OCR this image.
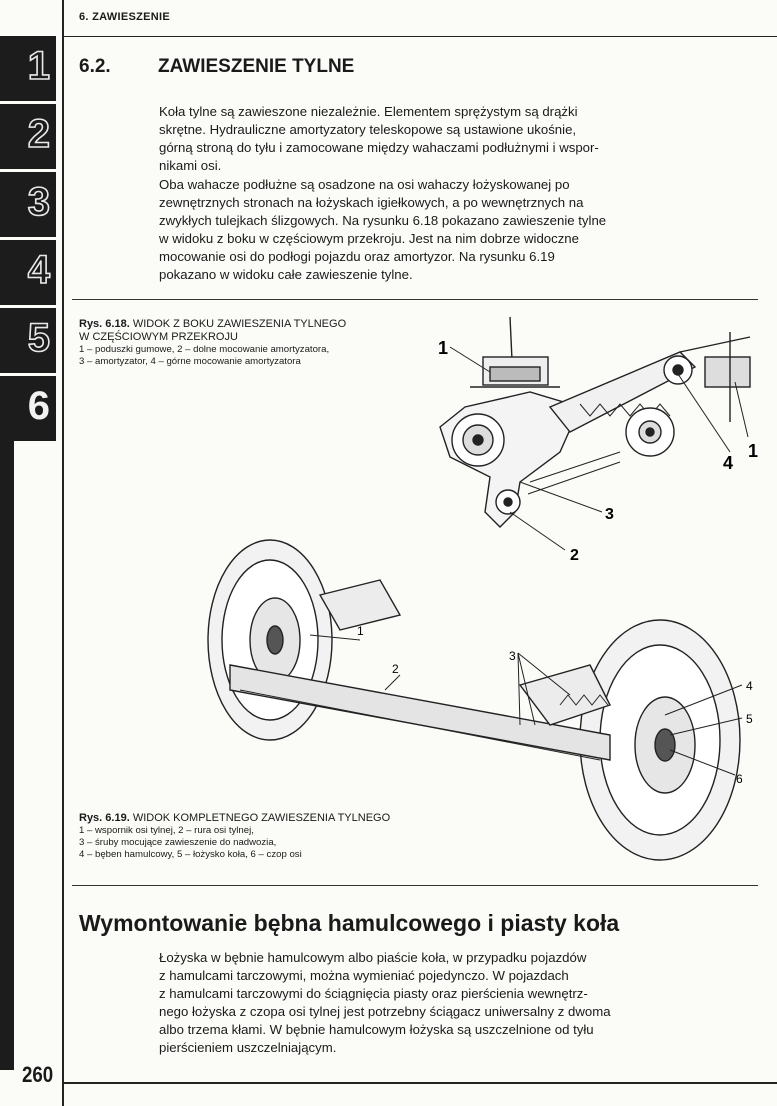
6. ZAWIESZENIE
1
2
3
4
5
6
6.2. ZAWIESZENIE TYLNE
Koła tylne są zawieszone niezależnie. Elementem sprężystym są drążki
skrętne. Hydrauliczne amortyzatory teleskopowe są ustawione ukośnie,
górną stroną do tyłu i zamocowane między wahaczami podłużnymi i wspor-
nikami osi.
Oba wahacze podłużne są osadzone na osi wahaczy łożyskowanej po
zewnętrznych stronach na łożyskach igiełkowych, a po wewnętrznych na
zwykłych tulejkach ślizgowych. Na rysunku 6.18 pokazano zawieszenie tylne
w widoku z boku w częściowym przekroju. Jest na nim dobrze widoczne
mocowanie osi do podłogi pojazdu oraz amortyzor. Na rysunku 6.19
pokazano w widoku całe zawieszenie tylne.
Rys. 6.18. WIDOK Z BOKU ZAWIESZENIA TYLNEGO
W CZĘŚCIOWYM PRZEKROJU
1 – poduszki gumowe, 2 – dolne mocowanie amortyzatora,
3 – amortyzator, 4 – górne mocowanie amortyzatora
1
2
3
4
1
1
2
3
4
5
6
Rys. 6.19. WIDOK KOMPLETNEGO ZAWIESZENIA TYLNEGO
1 – wspornik osi tylnej, 2 – rura osi tylnej,
3 – śruby mocujące zawieszenie do nadwozia,
4 – bęben hamulcowy, 5 – łożysko koła, 6 – czop osi
Wymontowanie bębna hamulcowego i piasty koła
Łożyska w bębnie hamulcowym albo piaście koła, w przypadku pojazdów
z hamulcami tarczowymi, można wymieniać pojedynczo. W pojazdach
z hamulcami tarczowymi do ściągnięcia piasty oraz pierścienia wewnętrz-
nego łożyska z czopa osi tylnej jest potrzebny ściągacz uniwersalny z dwoma
albo trzema kłami. W bębnie hamulcowym łożyska są uszczelnione od tyłu
pierścieniem uszczelniającym.
260
